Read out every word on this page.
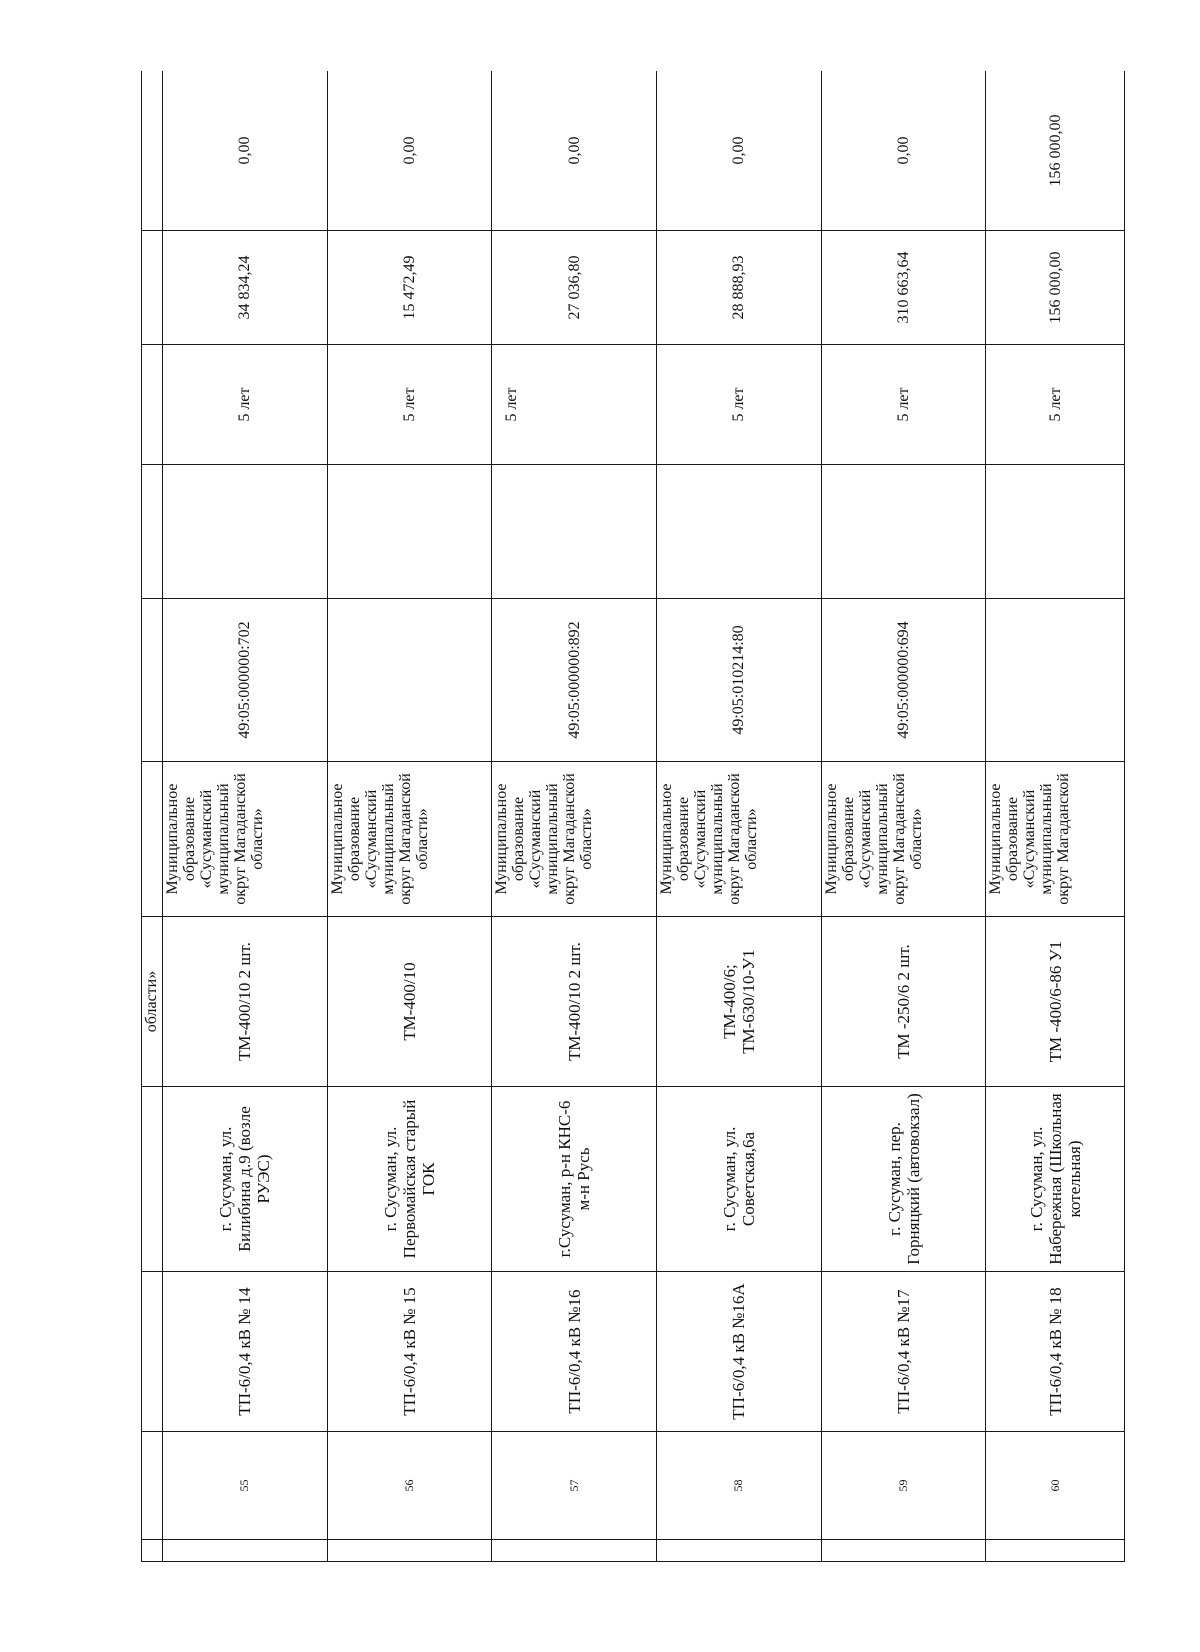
				области»						
	55	ТП-6/0,4 кВ № 14	г. Сусуман, ул. Билибина д.9 (возле РУЭС)	ТМ-400/10 2 шт.	Муниципальное образование «Сусуманский муниципальный округ Магаданской области»	49:05:000000:702		5 лет	34 834,24	0,00
	56	ТП-6/0,4 кВ № 15	г. Сусуман, ул. Первомайская старый ГОК	ТМ-400/10	Муниципальное образование «Сусуманский муниципальный округ Магаданской области»			5 лет	15 472,49	0,00
	57	ТП-6/0,4 кВ №16	г.Сусуман, р-н КНС-6 м-н Русь	ТМ-400/10 2 шт.	Муниципальное образование «Сусуманский муниципальный округ Магаданской области»	49:05:000000:892		5 лет	27 036,80	0,00
	58	ТП-6/0,4 кВ №16А	г. Сусуман, ул. Советская,6а	ТМ-400/6; ТМ-630/10-У1	Муниципальное образование «Сусуманский муниципальный округ Магаданской области»	49:05:010214:80		5 лет	28 888,93	0,00
	59	ТП-6/0,4 кВ №17	г. Сусуман, пер. Горняцкий (автовокзал)	ТМ -250/6 2 шт.	Муниципальное образование «Сусуманский муниципальный округ Магаданской области»	49:05:000000:694		5 лет	310 663,64	0,00
	60	ТП-6/0,4 кВ № 18	г. Сусуман, ул. Набережная (Школьная котельная)	ТМ -400/6-86 У1	Муниципальное образование «Сусуманский муниципальный округ Магаданской			5 лет	156 000,00	156 000,00
